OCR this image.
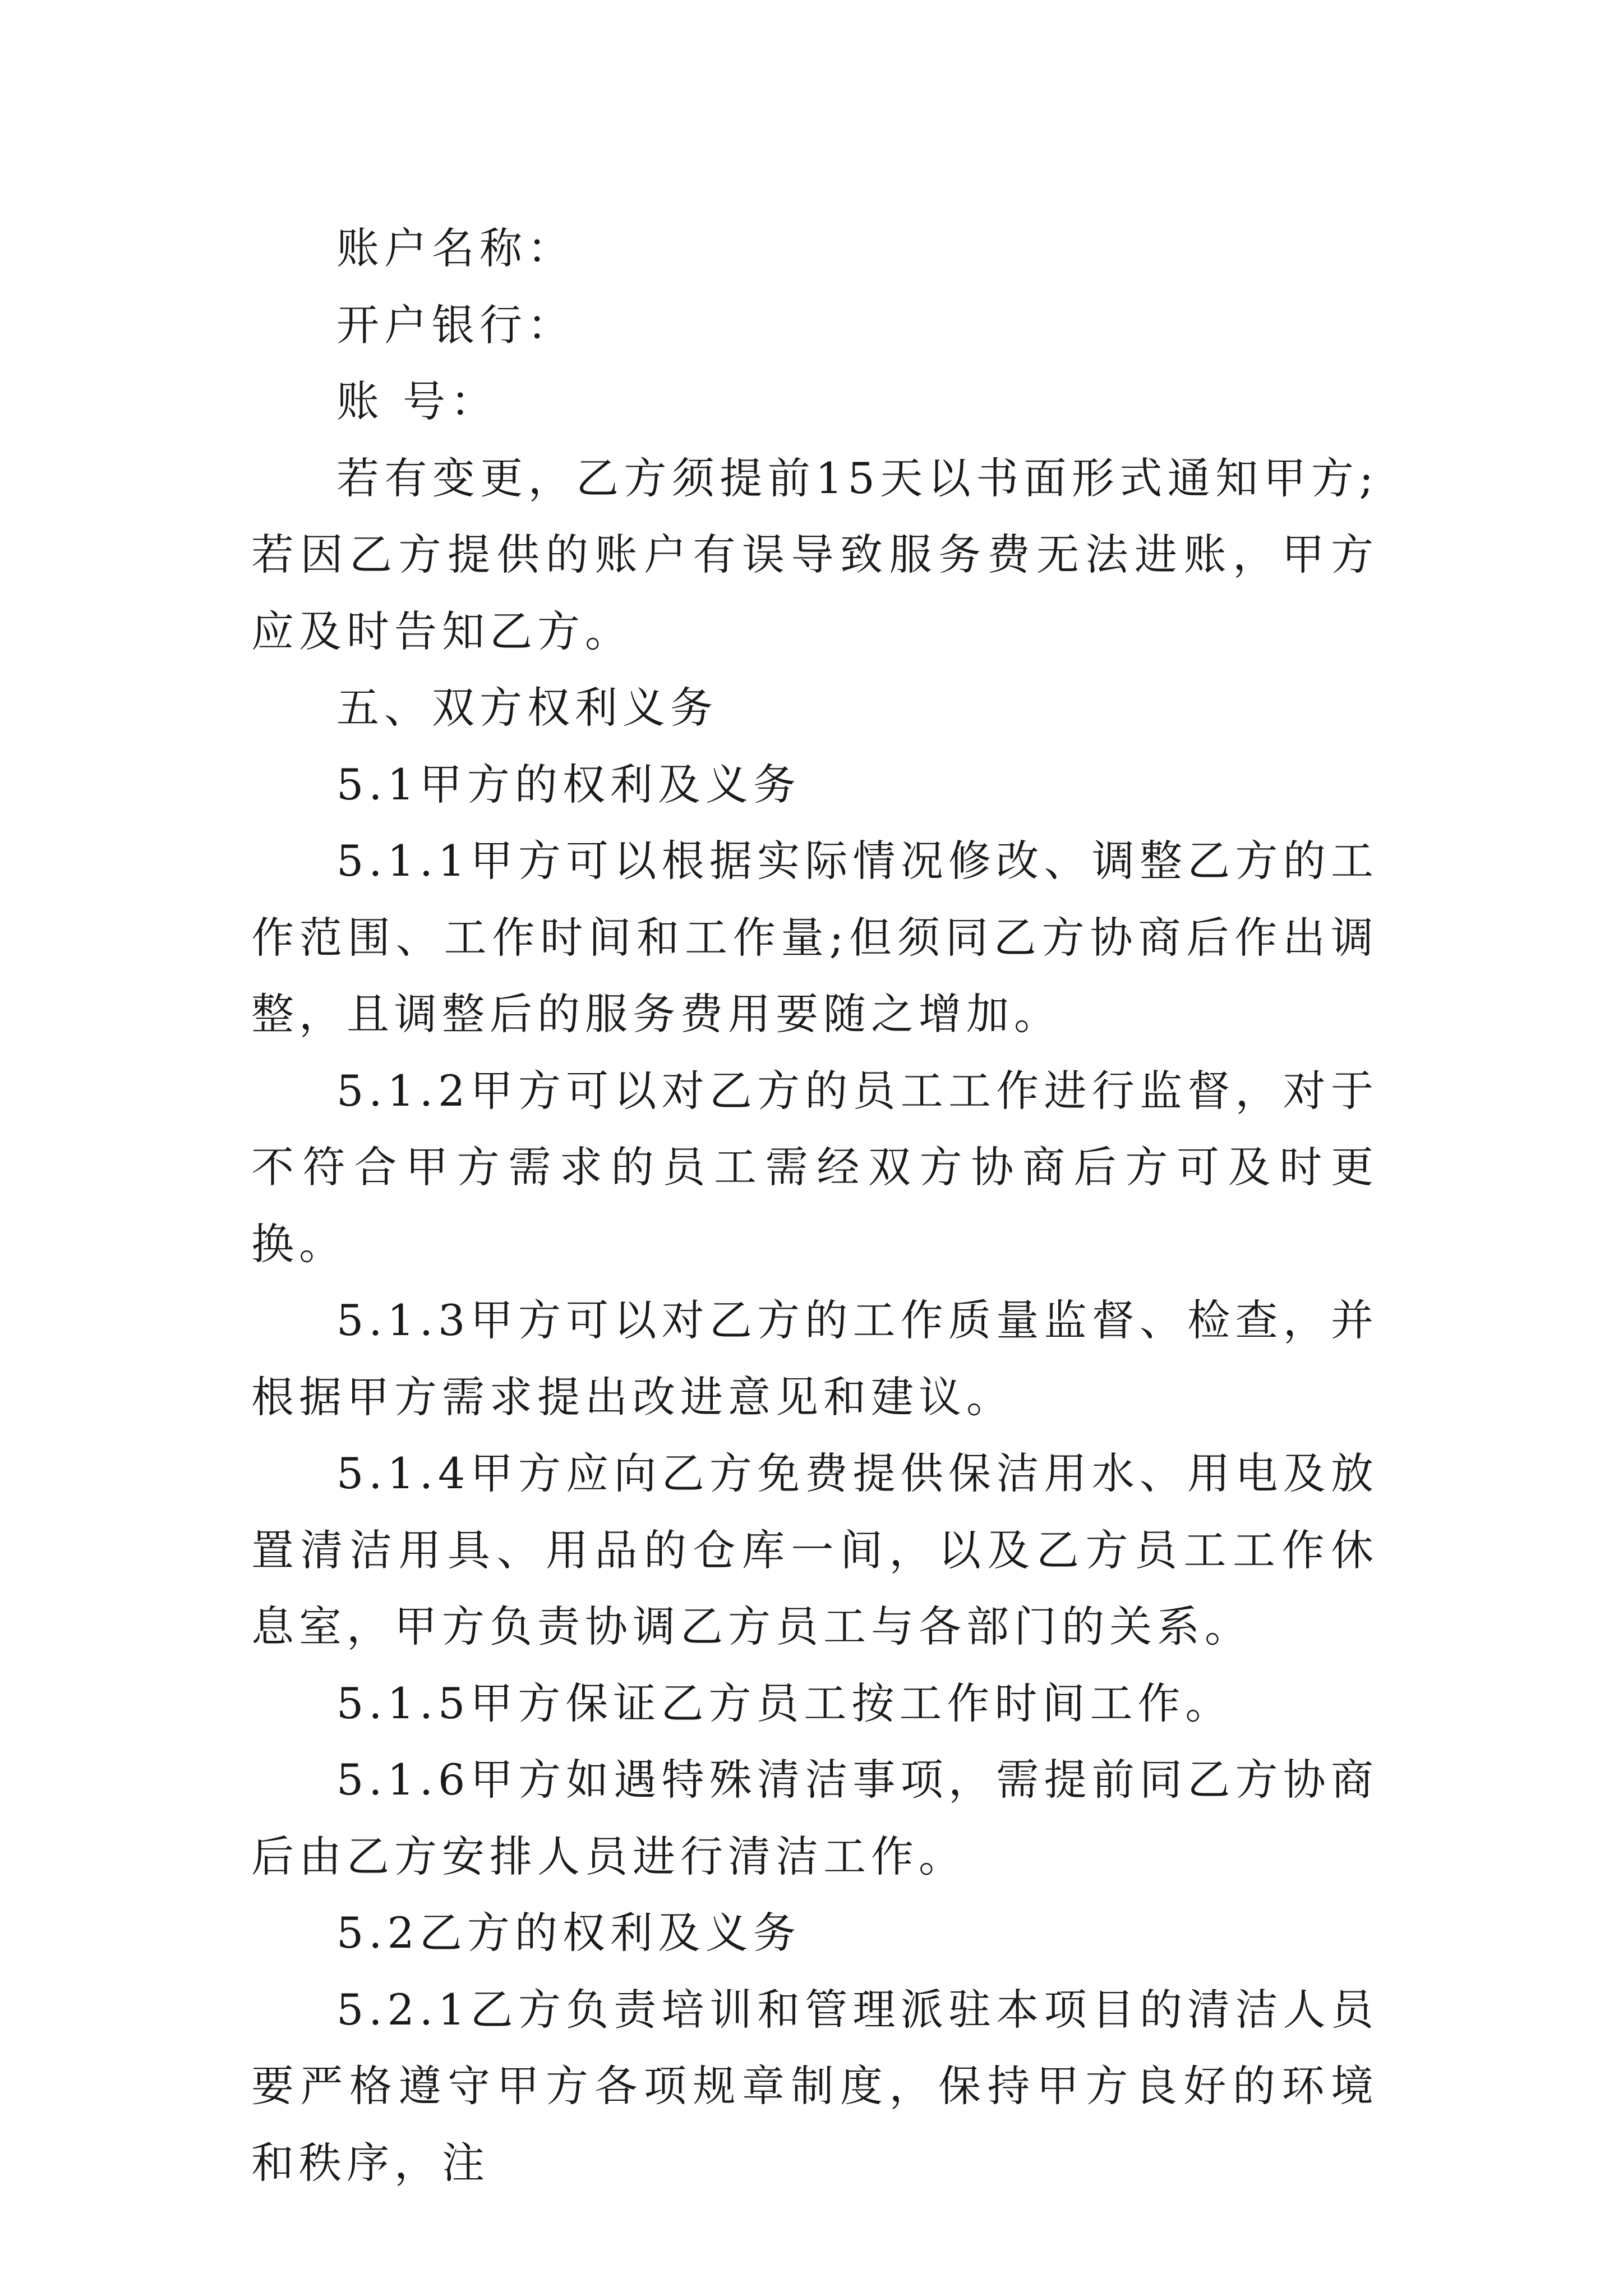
账户名称：

开户银行：

账 号：

若有变更，乙方须提前15天以书面形式通知甲方;若因乙方提供的账户有误导致服务费无法进账，甲方应及时告知乙方。

五、双方权利义务

5.1甲方的权利及义务

5.1.1甲方可以根据实际情况修改、调整乙方的工作范围、工作时间和工作量;但须同乙方协商后作出调整，且调整后的服务费用要随之增加。

5.1.2甲方可以对乙方的员工工作进行监督，对于不符合甲方需求的员工需经双方协商后方可及时更换。

5.1.3甲方可以对乙方的工作质量监督、检查，并根据甲方需求提出改进意见和建议。

5.1.4甲方应向乙方免费提供保洁用水、用电及放置清洁用具、用品的仓库一间，以及乙方员工工作休息室，甲方负责协调乙方员工与各部门的关系。

5.1.5甲方保证乙方员工按工作时间工作。

5.1.6甲方如遇特殊清洁事项，需提前同乙方协商后由乙方安排人员进行清洁工作。

5.2乙方的权利及义务

5.2.1乙方负责培训和管理派驻本项目的清洁人员要严格遵守甲方各项规章制度，保持甲方良好的环境和秩序，注
